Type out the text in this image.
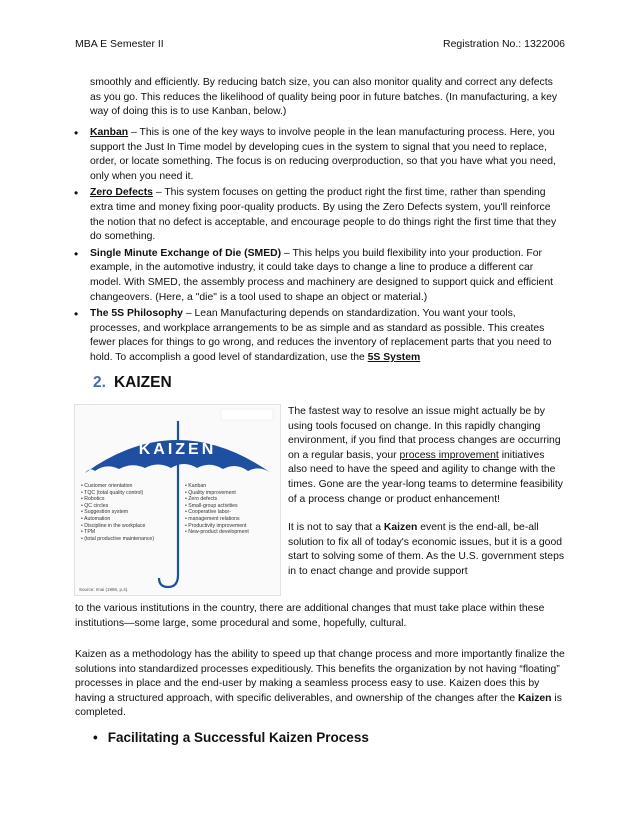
MBA E Semester II	Registration No.: 1322006
smoothly and efficiently. By reducing batch size, you can also monitor quality and correct any defects as you go. This reduces the likelihood of quality being poor in future batches. (In manufacturing, a key way of doing this is to use Kanban, below.)
• Kanban – This is one of the key ways to involve people in the lean manufacturing process. Here, you support the Just In Time model by developing cues in the system to signal that you need to replace, order, or locate something. The focus is on reducing overproduction, so that you have what you need, only when you need it.
• Zero Defects – This system focuses on getting the product right the first time, rather than spending extra time and money fixing poor-quality products. By using the Zero Defects system, you'll reinforce the notion that no defect is acceptable, and encourage people to do things right the first time that they do something.
• Single Minute Exchange of Die (SMED) – This helps you build flexibility into your production. For example, in the automotive industry, it could take days to change a line to produce a different car model. With SMED, the assembly process and machinery are designed to support quick and efficient changeovers. (Here, a "die" is a tool used to shape an object or material.)
• The 5S Philosophy – Lean Manufacturing depends on standardization. You want your tools, processes, and workplace arrangements to be as simple and as standard as possible. This creates fewer places for things to go wrong, and reduces the inventory of replacement parts that you need to hold. To accomplish a good level of standardization, use the 5S System
2. KAIZEN
KAIZEN
• Customer orientation
• TQC (total quality control)
• Robotics
• QC circles
• Suggestion system
• Automation
• Discipline in the workplace
• TPM
• (total productive maintenance)
• Kanban
• Quality improvement
• Zero defects
• Small-group activities
• Cooperative labor-
• management relations
• Productivity improvement
• New-product development
Source: Imai (1986, p.4).

The fastest way to resolve an issue might actually be by using tools focused on change. In this rapidly changing environment, if you find that process changes are occurring on a regular basis, your process improvement initiatives also need to have the speed and agility to change with the times. Gone are the year-long teams to determine feasibility of a process change or product enhancement!

It is not to say that a Kaizen event is the end-all, be-all solution to fix all of today's economic issues, but it is a good start to solving some of them. As the U.S. government steps in to enact change and provide support

to the various institutions in the country, there are additional changes that must take place within these institutions—some large, some procedural and some, hopefully, cultural.
Kaizen as a methodology has the ability to speed up that change process and more importantly finalize the solutions into standardized processes expeditiously. This benefits the organization by not having “floating” processes in place and the end-user by making a seamless process easy to use. Kaizen does this by having a structured approach, with specific deliverables, and ownership of the changes after the Kaizen is completed.
• Facilitating a Successful Kaizen Process
